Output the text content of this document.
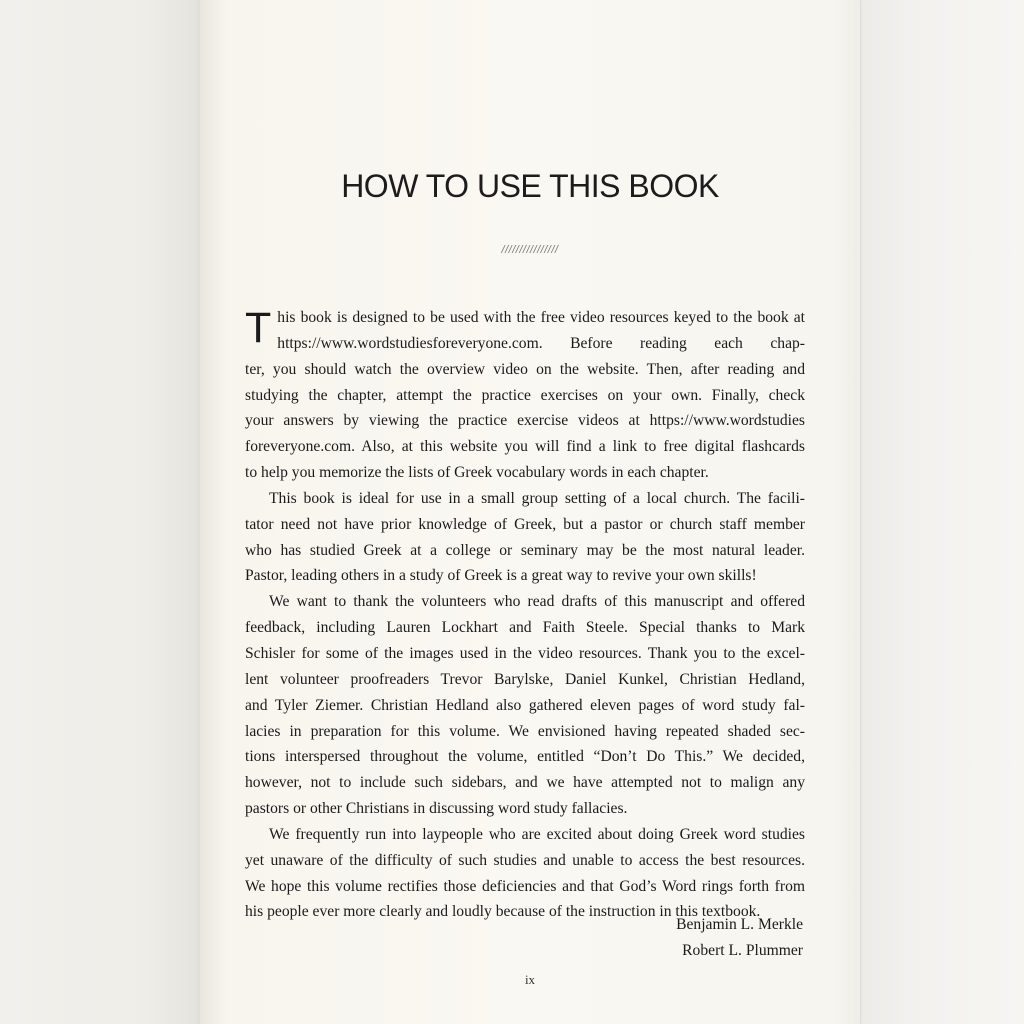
HOW TO USE THIS BOOK
////////////////

This book is designed to be used with the free video resources keyed to the book at https://www.wordstudiesforeveryone.com. Before reading each chap-

ter, you should watch the overview video on the website. Then, after reading and

studying the chapter, attempt the practice exercises on your own. Finally, check

your answers by viewing the practice exercise videos at https://www.wordstudies

foreveryone.com. Also, at this website you will find a link to free digital flashcards

to help you memorize the lists of Greek vocabulary words in each chapter.

This book is ideal for use in a small group setting of a local church. The facili-

tator need not have prior knowledge of Greek, but a pastor or church staff member

who has studied Greek at a college or seminary may be the most natural leader.

Pastor, leading others in a study of Greek is a great way to revive your own skills!

We want to thank the volunteers who read drafts of this manuscript and offered

feedback, including Lauren Lockhart and Faith Steele. Special thanks to Mark

Schisler for some of the images used in the video resources. Thank you to the excel-

lent volunteer proofreaders Trevor Barylske, Daniel Kunkel, Christian Hedland,

and Tyler Ziemer. Christian Hedland also gathered eleven pages of word study fal-

lacies in preparation for this volume. We envisioned having repeated shaded sec-

tions interspersed throughout the volume, entitled “Don’t Do This.” We decided,

however, not to include such sidebars, and we have attempted not to malign any

pastors or other Christians in discussing word study fallacies.

We frequently run into laypeople who are excited about doing Greek word studies

yet unaware of the difficulty of such studies and unable to access the best resources.

We hope this volume rectifies those deficiencies and that God’s Word rings forth from

his people ever more clearly and loudly because of the instruction in this textbook.

Benjamin L. Merkle
Robert L. Plummer
ix
